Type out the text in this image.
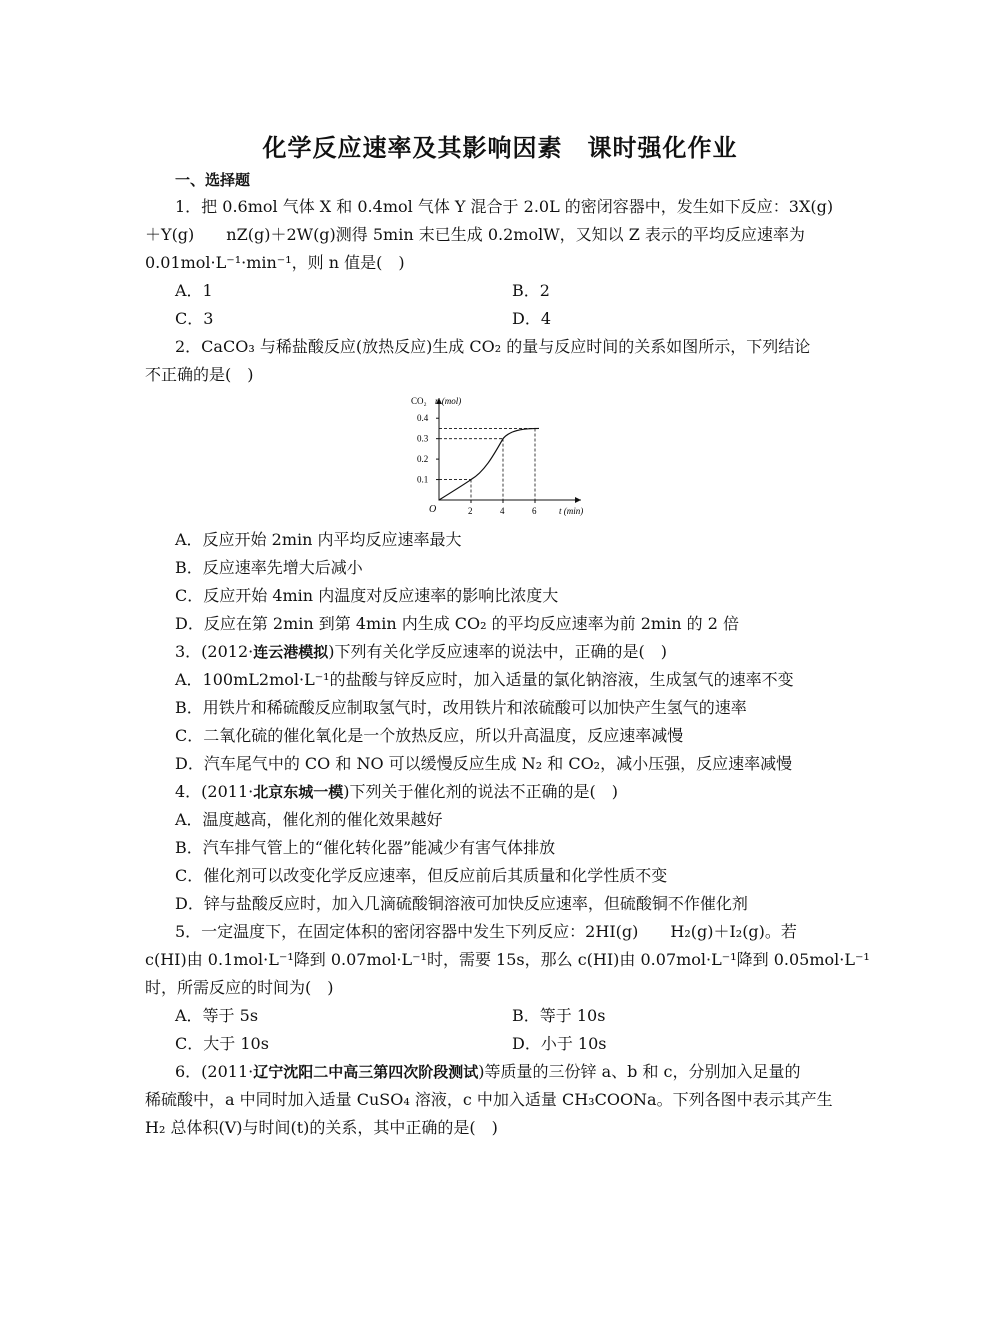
化学反应速率及其影响因素　课时强化作业
一、选择题
1．把 0.6mol 气体 X 和 0.4mol 气体 Y 混合于 2.0L 的密闭容器中，发生如下反应：3X(g)
＋Y(g)　　nZ(g)＋2W(g)测得 5min 末已生成 0.2molW，又知以 Z 表示的平均反应速率为
0.01mol·L⁻¹·min⁻¹，则 n 值是(　)
A．1	B．2
C．3	D．4
2．CaCO₃ 与稀盐酸反应(放热反应)生成 CO₂ 的量与反应时间的关系如图所示，下列结论
不正确的是(　)
CO₂ n (mol)
t (min)
O
0.1
0.2
0.3
0.4
2	4	6
A．反应开始 2min 内平均反应速率最大
B．反应速率先增大后减小
C．反应开始 4min 内温度对反应速率的影响比浓度大
D．反应在第 2min 到第 4min 内生成 CO₂ 的平均反应速率为前 2min 的 2 倍
3．(2012·连云港模拟)下列有关化学反应速率的说法中，正确的是(　)
A．100mL2mol·L⁻¹的盐酸与锌反应时，加入适量的氯化钠溶液，生成氢气的速率不变
B．用铁片和稀硫酸反应制取氢气时，改用铁片和浓硫酸可以加快产生氢气的速率
C．二氧化硫的催化氧化是一个放热反应，所以升高温度，反应速率减慢
D．汽车尾气中的 CO 和 NO 可以缓慢反应生成 N₂ 和 CO₂，减小压强，反应速率减慢
4．(2011·北京东城一模)下列关于催化剂的说法不正确的是(　)
A．温度越高，催化剂的催化效果越好
B．汽车排气管上的“催化转化器”能减少有害气体排放
C．催化剂可以改变化学反应速率，但反应前后其质量和化学性质不变
D．锌与盐酸反应时，加入几滴硫酸铜溶液可加快反应速率，但硫酸铜不作催化剂
5．一定温度下，在固定体积的密闭容器中发生下列反应：2HI(g)　　H₂(g)＋I₂(g)。若
c(HI)由 0.1mol·L⁻¹降到 0.07mol·L⁻¹时，需要 15s，那么 c(HI)由 0.07mol·L⁻¹降到 0.05mol·L⁻¹
时，所需反应的时间为(　)
A．等于 5s	B．等于 10s
C．大于 10s	D．小于 10s
6．(2011·辽宁沈阳二中高三第四次阶段测试)等质量的三份锌 a、b 和 c，分别加入足量的
稀硫酸中，a 中同时加入适量 CuSO₄ 溶液，c 中加入适量 CH₃COONa。下列各图中表示其产生
H₂ 总体积(V)与时间(t)的关系，其中正确的是(　)
